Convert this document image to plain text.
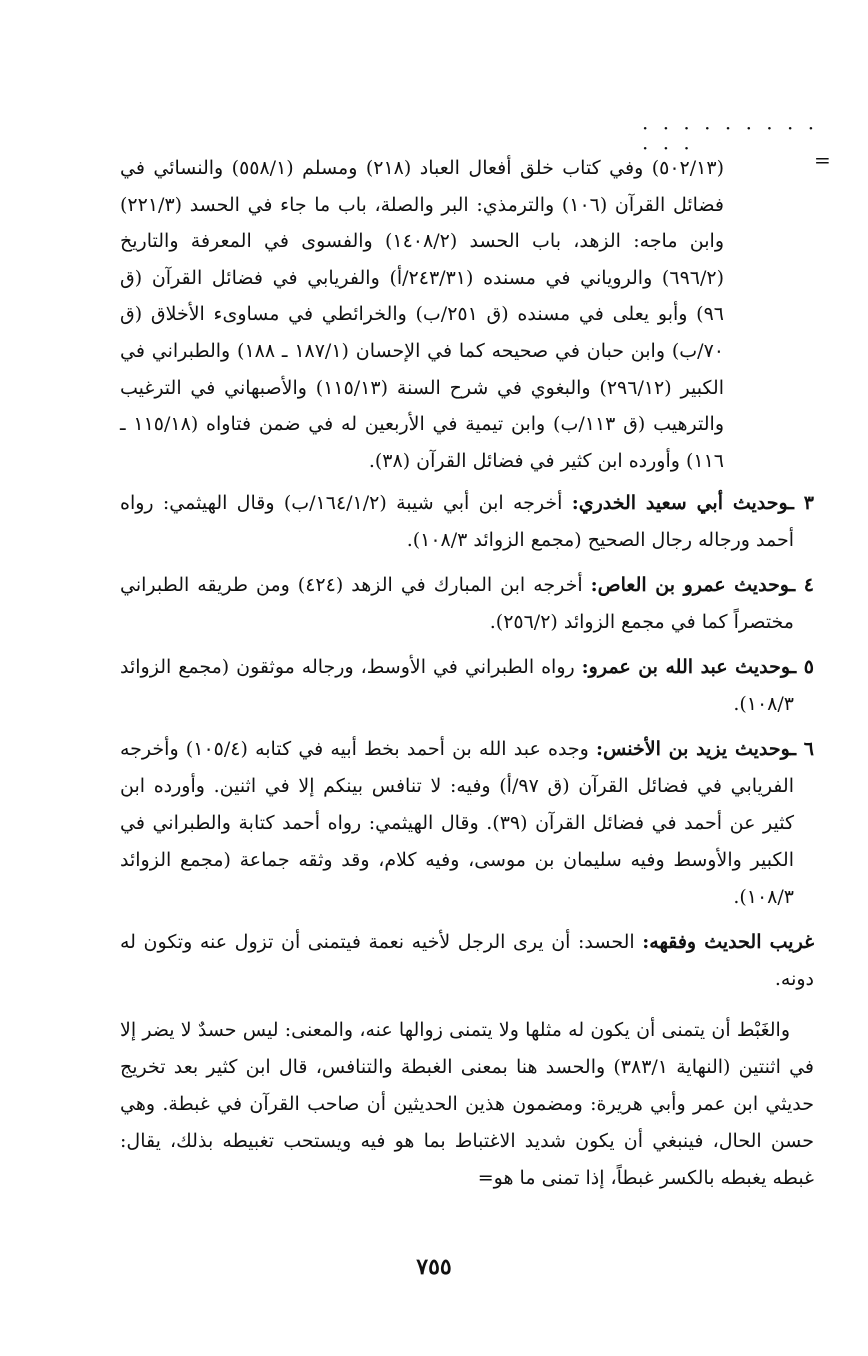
· · · · · · · · · · · ·	=

(٥٠٢/١٣) وفي كتاب خلق أفعال العباد (٢١٨) ومسلم (٥٥٨/١) والنسائي في فضائل القرآن (١٠٦) والترمذي: البر والصلة، باب ما جاء في الحسد (٢٢١/٣) وابن ماجه: الزهد، باب الحسد (١٤٠٨/٢) والفسوى في المعرفة والتاريخ (٦٩٦/٢) والروياني في مسنده (٢٤٣/٣١/أ) والفريابي في فضائل القرآن (ق ٩٦) وأبو يعلى في مسنده (ق ٢٥١/ب) والخرائطي في مساوىء الأخلاق (ق ٧٠/ب) وابن حبان في صحيحه كما في الإحسان (١٨٧/١ ـ ١٨٨) والطبراني في الكبير (٢٩٦/١٢) والبغوي في شرح السنة (١١٥/١٣) والأصبهاني في الترغيب والترهيب (ق ١١٣/ب) وابن تيمية في الأربعين له في ضمن فتاواه (١١٥/١٨ ـ ١١٦) وأورده ابن كثير في فضائل القرآن (٣٨).

٣ ـوحديث أبي سعيد الخدري: أخرجه ابن أبي شيبة (١٦٤/١/٢/ب) وقال الهيثمي: رواه أحمد ورجاله رجال الصحيح (مجمع الزوائد ١٠٨/٣).

٤ ـوحديث عمرو بن العاص: أخرجه ابن المبارك في الزهد (٤٢٤) ومن طريقه الطبراني مختصراً كما في مجمع الزوائد (٢٥٦/٢).

٥ ـوحديث عبد الله بن عمرو: رواه الطبراني في الأوسط، ورجاله موثقون (مجمع الزوائد ١٠٨/٣).

٦ ـوحديث يزيد بن الأخنس: وجده عبد الله بن أحمد بخط أبيه في كتابه (١٠٥/٤) وأخرجه الفريابي في فضائل القرآن (ق ٩٧/أ) وفيه: لا تنافس بينكم إلا في اثنين. وأورده ابن كثير عن أحمد في فضائل القرآن (٣٩). وقال الهيثمي: رواه أحمد كتابة والطبراني في الكبير والأوسط وفيه سليمان بن موسى، وفيه كلام، وقد وثقه جماعة (مجمع الزوائد ١٠٨/٣).

غريب الحديث وفقهه: الحسد: أن يرى الرجل لأخيه نعمة فيتمنى أن تزول عنه وتكون له دونه.

والغَبْط أن يتمنى أن يكون له مثلها ولا يتمنى زوالها عنه، والمعنى: ليس حسدٌ لا يضر إلا في اثنتين (النهاية ٣٨٣/١) والحسد هنا بمعنى الغبطة والتنافس، قال ابن كثير بعد تخريج حديثي ابن عمر وأبي هريرة: ومضمون هذين الحديثين أن صاحب القرآن في غبطة. وهي حسن الحال، فينبغي أن يكون شديد الاغتباط بما هو فيه ويستحب تغبيطه بذلك، يقال: غبطه يغبطه بالكسر غبطاً، إذا تمنى ما هو=

٧٥٥
